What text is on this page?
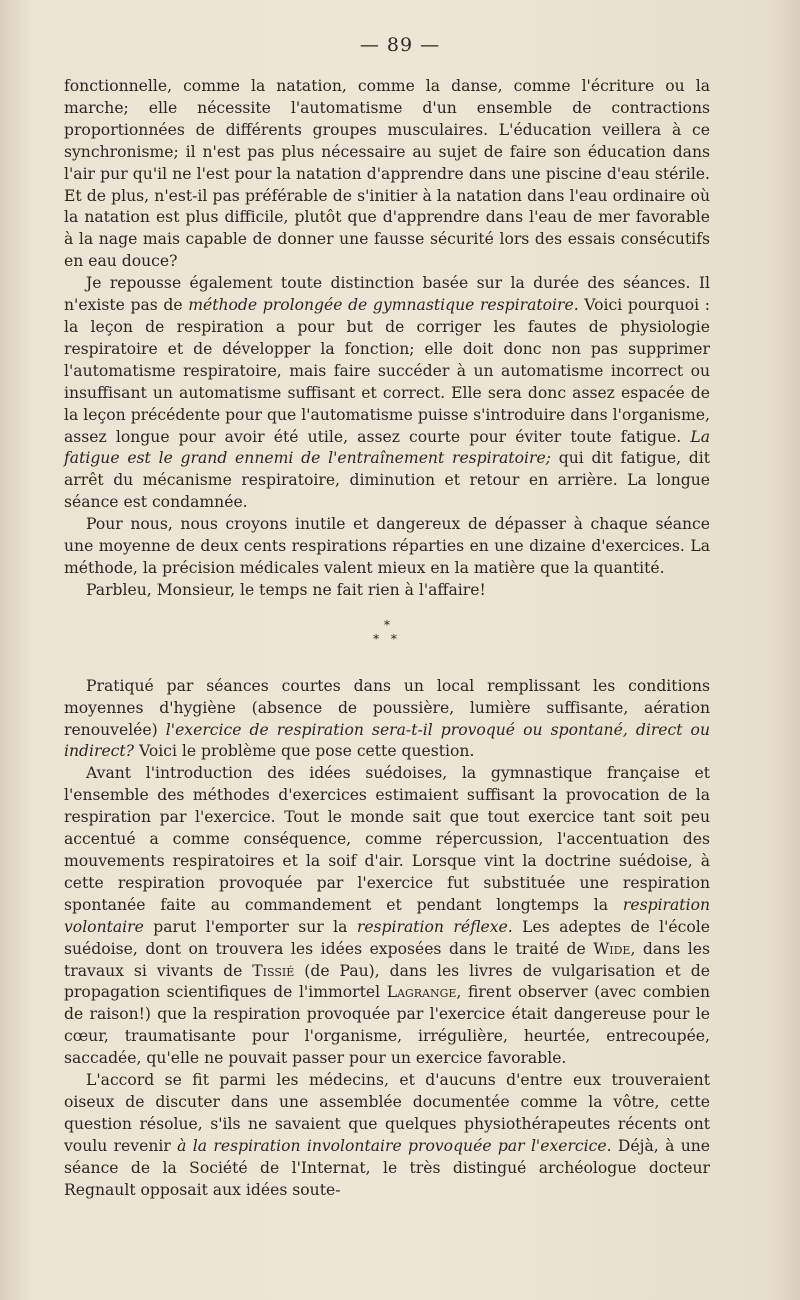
— 89 —

fonctionnelle, comme la natation, comme la danse, comme l'écriture ou la marche; elle nécessite l'automatisme d'un ensemble de contractions proportionnées de différents groupes musculaires. L'éducation veillera à ce synchronisme; il n'est pas plus nécessaire au sujet de faire son éducation dans l'air pur qu'il ne l'est pour la natation d'apprendre dans une piscine d'eau stérile. Et de plus, n'est-il pas préférable de s'initier à la natation dans l'eau ordinaire où la natation est plus difficile, plutôt que d'apprendre dans l'eau de mer favorable à la nage mais capable de donner une fausse sécurité lors des essais consécutifs en eau douce?

Je repousse également toute distinction basée sur la durée des séances. Il n'existe pas de méthode prolongée de gymnastique respiratoire. Voici pourquoi : la leçon de respiration a pour but de corriger les fautes de physiologie respiratoire et de développer la fonction; elle doit donc non pas supprimer l'automatisme respiratoire, mais faire succéder à un automatisme incorrect ou insuffisant un automatisme suffisant et correct. Elle sera donc assez espacée de la leçon précédente pour que l'automatisme puisse s'introduire dans l'organisme, assez longue pour avoir été utile, assez courte pour éviter toute fatigue. La fatigue est le grand ennemi de l'entraînement respiratoire; qui dit fatigue, dit arrêt du mécanisme respiratoire, diminution et retour en arrière. La longue séance est condamnée.

Pour nous, nous croyons inutile et dangereux de dépasser à chaque séance une moyenne de deux cents respirations réparties en une dizaine d'exercices. La méthode, la précision médicales valent mieux en la matière que la quantité.

Parbleu, Monsieur, le temps ne fait rien à l'affaire!

*
* *

Pratiqué par séances courtes dans un local remplissant les conditions moyennes d'hygiène (absence de poussière, lumière suffisante, aération renouvelée) l'exercice de respiration sera-t-il provoqué ou spontané, direct ou indirect? Voici le problème que pose cette question.

Avant l'introduction des idées suédoises, la gymnastique française et l'ensemble des méthodes d'exercices estimaient suffisant la provocation de la respiration par l'exercice. Tout le monde sait que tout exercice tant soit peu accentué a comme conséquence, comme répercussion, l'accentuation des mouvements respiratoires et la soif d'air. Lorsque vint la doctrine suédoise, à cette respiration provoquée par l'exercice fut substituée une respiration spontanée faite au commandement et pendant longtemps la respiration volontaire parut l'emporter sur la respiration réflexe. Les adeptes de l'école suédoise, dont on trouvera les idées exposées dans le traité de Wide, dans les travaux si vivants de Tissié (de Pau), dans les livres de vulgarisation et de propagation scientifiques de l'immortel Lagrange, firent observer (avec combien de raison!) que la respiration provoquée par l'exercice était dangereuse pour le cœur, traumatisante pour l'organisme, irrégulière, heurtée, entrecoupée, saccadée, qu'elle ne pouvait passer pour un exercice favorable.

L'accord se fit parmi les médecins, et d'aucuns d'entre eux trouveraient oiseux de discuter dans une assemblée documentée comme la vôtre, cette question résolue, s'ils ne savaient que quelques physiothérapeutes récents ont voulu revenir à la respiration involontaire provoquée par l'exercice. Déjà, à une séance de la Société de l'Internat, le très distingué archéologue docteur Regnault opposait aux idées soute-
